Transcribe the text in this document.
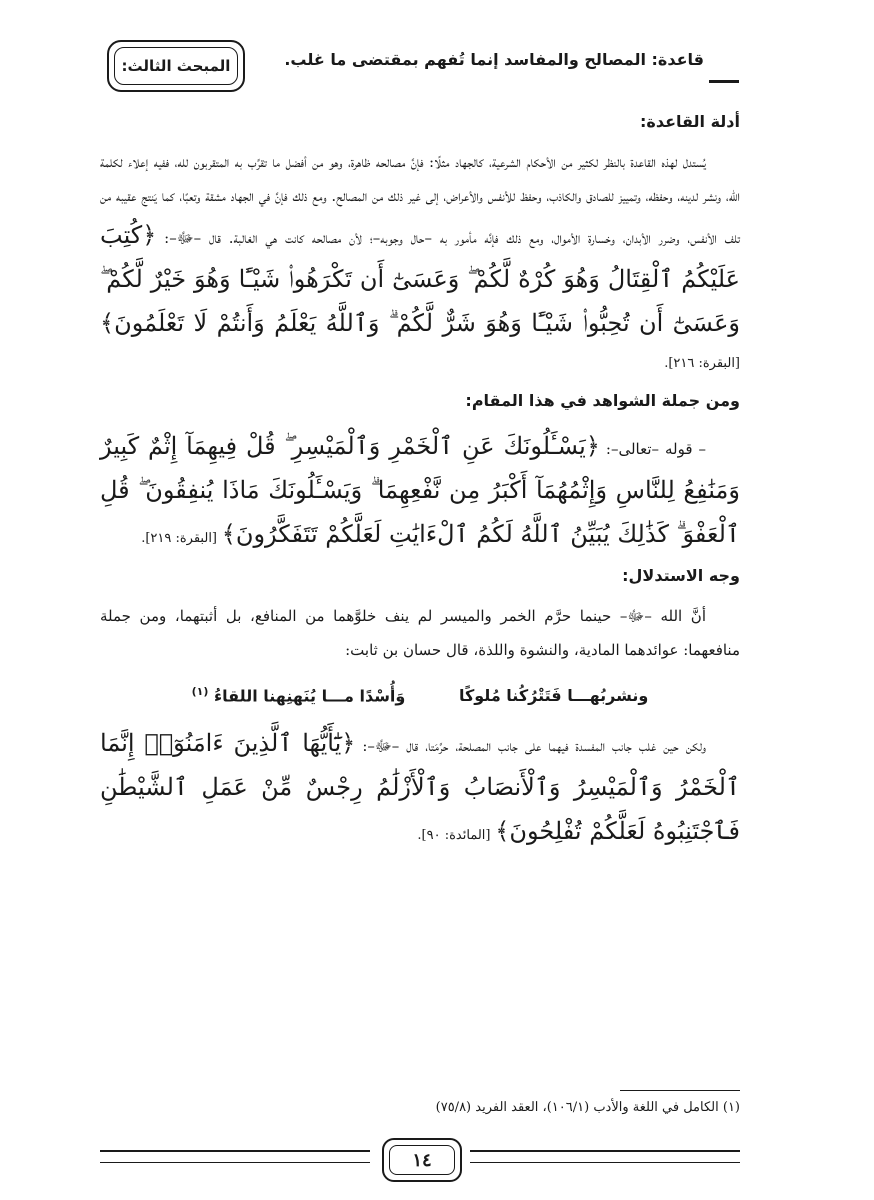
قاعدة: المصالح والمفاسد إنما تُفهم بمقتضى ما غلب.
المبحث الثالث:
أدلة القاعدة:

يُستدل لهذه القاعدة بالنظر لكثير من الأحكام الشرعية، كالجهاد مثلًا: فإنَّ مصالحه ظاهرة، وهو من أفضل ما تقرَّب به المتقربون لله، ففيه إعلاء لكلمة الله، ونشر لدينه، وحفظه، وتمييز للصادق والكاذب، وحفظ للأنفس والأعراض، إلى غير ذلك من المصالح. ومع ذلك فإنَّ في الجهاد مشقة وتعبًا، كما يَنتج عقيبه من تلف الأنفس، وضرر الأبدان، وخسارة الأموال، ومع ذلك فإنَّه مأمور به –حال وجوبه–؛ لأن مصالحه كانت هي الغالبة. قال –ﷻ–: ﴿كُتِبَ عَلَيْكُمُ ٱلْقِتَالُ وَهُوَ كُرْهٌ لَّكُمْ ۖ وَعَسَىٰٓ أَن تَكْرَهُوا۟ شَيْـًٔا وَهُوَ خَيْرٌ لَّكُمْ ۖ وَعَسَىٰٓ أَن تُحِبُّوا۟ شَيْـًٔا وَهُوَ شَرٌّ لَّكُمْ ۗ وَٱللَّهُ يَعْلَمُ وَأَنتُمْ لَا تَعْلَمُونَ﴾ [البقرة: ٢١٦].

ومن جملة الشواهد في هذا المقام:

– قوله –تعالى–: ﴿يَسْـَٔلُونَكَ عَنِ ٱلْخَمْرِ وَٱلْمَيْسِرِ ۖ قُلْ فِيهِمَآ إِثْمٌ كَبِيرٌ وَمَنَٰفِعُ لِلنَّاسِ وَإِثْمُهُمَآ أَكْبَرُ مِن نَّفْعِهِمَا ۗ وَيَسْـَٔلُونَكَ مَاذَا يُنفِقُونَ ۖ قُلِ ٱلْعَفْوَ ۗ كَذَٰلِكَ يُبَيِّنُ ٱللَّهُ لَكُمُ ٱلْءَايَٰتِ لَعَلَّكُمْ تَتَفَكَّرُونَ﴾ [البقرة: ٢١٩].

وجه الاستدلال:

أنَّ الله –ﷻ– حينما حرَّم الخمر والميسر لم ينف خلوَّهما من المنافع، بل أثبتهما، ومن جملة منافعهما: عوائدهما المادية، والنشوة واللذة، قال حسان بن ثابت:

ونشربُهـــا فَتَتْرُكُنا مُلوكًا وَأُسْدًا مـــا يُنَهنِهنا اللقاءُ $^{(١)}$

ولكن حين غلب جانب المفسدة فيهما على جانب المصلحة، حرَّمَتا، قال –ﷻ–: ﴿يَٰٓأَيُّهَا ٱلَّذِينَ ءَامَنُوٓا۟ إِنَّمَا ٱلْخَمْرُ وَٱلْمَيْسِرُ وَٱلْأَنصَابُ وَٱلْأَزْلَٰمُ رِجْسٌ مِّنْ عَمَلِ ٱلشَّيْطَٰنِ فَٱجْتَنِبُوهُ لَعَلَّكُمْ تُفْلِحُونَ﴾ [المائدة: ٩٠].

(١) الكامل في اللغة والأدب (١٠٦/١)، العقد الفريد (٧٥/٨)
١٤
